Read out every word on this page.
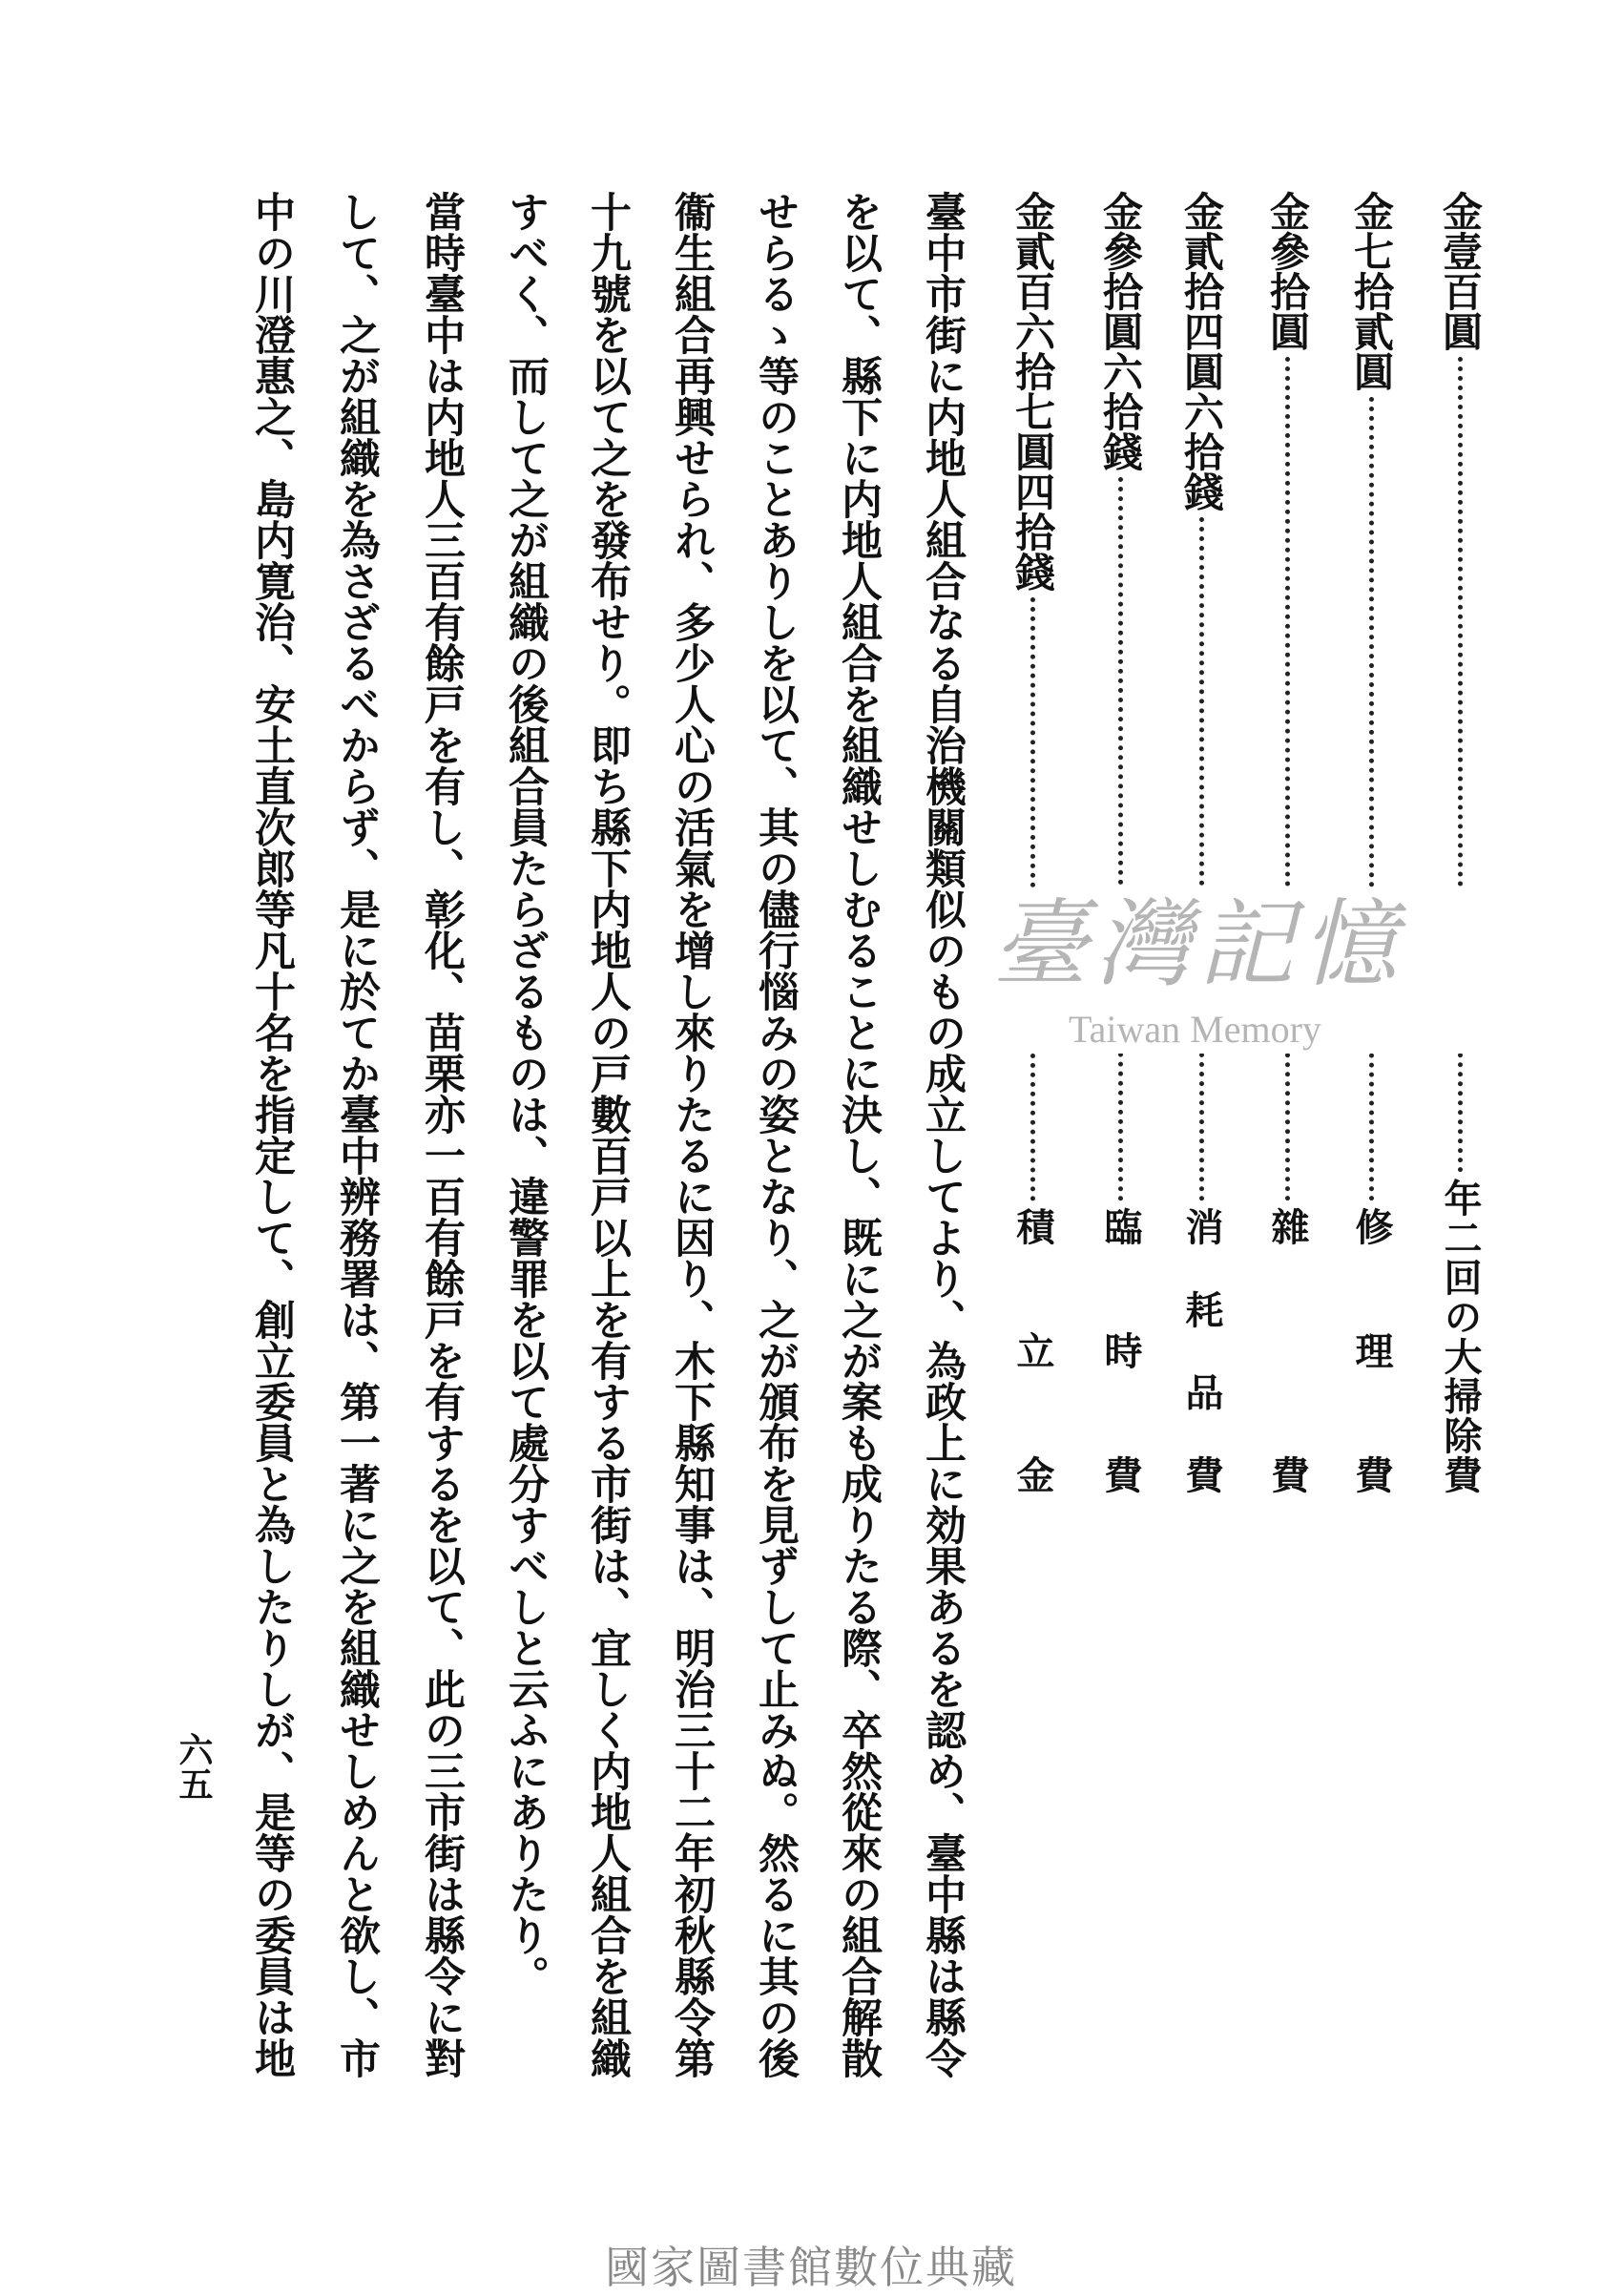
金壹百圓
年二回の大掃除費
金七拾貳圓
修理費
金參拾圓
雜費
金貳拾四圓六拾錢
消耗品費
金參拾圓六拾錢
臨時費
金貳百六拾七圓四拾錢
積立金
臺中市街に内地人組合なる自治機關類似のもの成立してより、為政上に効果あるを認め、臺中縣は縣令
を以て、縣下に内地人組合を組織せしむることに決し、既に之が案も成りたる際、卒然從來の組合解散
せらるゝ等のことありしを以て、其の儘行惱みの姿となり、之が頒布を見ずして止みぬ。然るに其の後
衞生組合再興せられ、多少人心の活氣を增し來りたるに因り、木下縣知事は、明治三十二年初秋縣令第
十九號を以て之を發布せり。即ち縣下内地人の戸數百戸以上を有する市街は、宜しく内地人組合を組織
すべく、而して之が組織の後組合員たらざるものは、違警罪を以て處分すべしと云ふにありたり。
當時臺中は内地人三百有餘戸を有し、彰化、苗栗亦一百有餘戸を有するを以て、此の三市街は縣令に對
して、之が組織を為さざるべからず、是に於てか臺中辨務署は、第一著に之を組織せしめんと欲し、市
中の川澄惠之、島内寛治、安土直次郎等凡十名を指定して、創立委員と為したりしが、是等の委員は地
六五
臺灣記憶
Taiwan Memory
國家圖書館數位典藏
